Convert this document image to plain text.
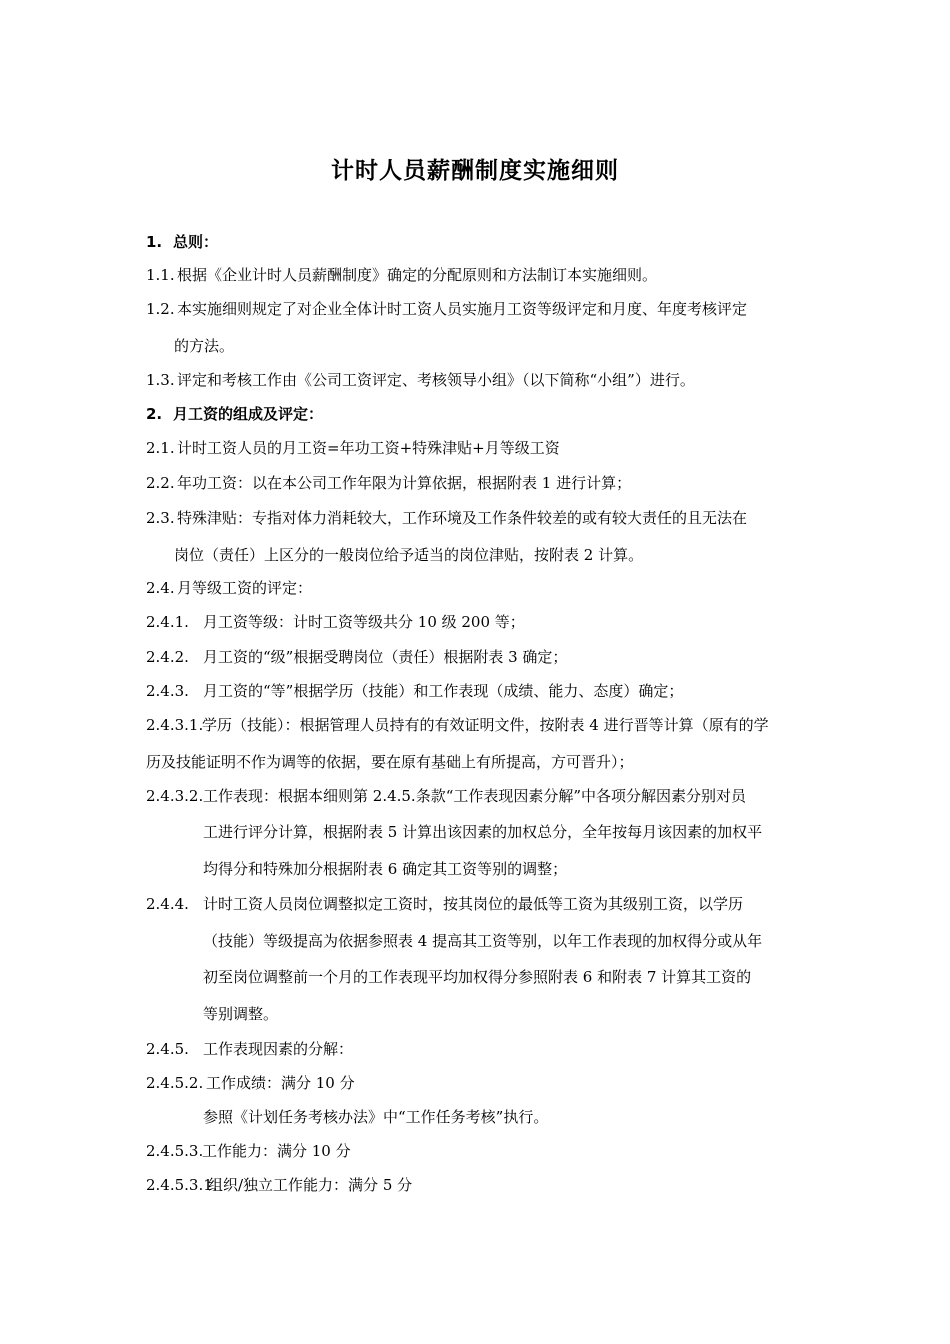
计时人员薪酬制度实施细则
1. 总则：
1.1. 根据《企业计时人员薪酬制度》确定的分配原则和方法制订本实施细则。
1.2. 本实施细则规定了对企业全体计时工资人员实施月工资等级评定和月度、年度考核评定
的方法。
1.3. 评定和考核工作由《公司工资评定、考核领导小组》（以下简称“小组”）进行。
2. 月工资的组成及评定：
2.1. 计时工资人员的月工资=年功工资+特殊津贴+月等级工资
2.2. 年功工资：以在本公司工作年限为计算依据，根据附表 1 进行计算；
2.3. 特殊津贴：专指对体力消耗较大，工作环境及工作条件较差的或有较大责任的且无法在
岗位（责任）上区分的一般岗位给予适当的岗位津贴，按附表 2 计算。
2.4. 月等级工资的评定：
2.4.1. 月工资等级：计时工资等级共分 10 级 200 等；
2.4.2. 月工资的“级”根据受聘岗位（责任）根据附表 3 确定；
2.4.3. 月工资的“等”根据学历（技能）和工作表现（成绩、能力、态度）确定；
2.4.3.1.学历（技能）：根据管理人员持有的有效证明文件，按附表 4 进行晋等计算（原有的学
历及技能证明不作为调等的依据，要在原有基础上有所提高，方可晋升）；
2.4.3.2.工作表现：根据本细则第 2.4.5.条款“工作表现因素分解”中各项分解因素分别对员
工进行评分计算，根据附表 5 计算出该因素的加权总分，全年按每月该因素的加权平
均得分和特殊加分根据附表 6 确定其工资等别的调整；
2.4.4. 计时工资人员岗位调整拟定工资时，按其岗位的最低等工资为其级别工资，以学历
（技能）等级提高为依据参照表 4 提高其工资等别，以年工作表现的加权得分或从年
初至岗位调整前一个月的工作表现平均加权得分参照附表 6 和附表 7 计算其工资的
等别调整。
2.4.5. 工作表现因素的分解：
2.4.5.2. 工作成绩：满分 10 分
参照《计划任务考核办法》中“工作任务考核”执行。
2.4.5.3.工作能力：满分 10 分
2.4.5.3.1.组织/独立工作能力：满分 5 分
